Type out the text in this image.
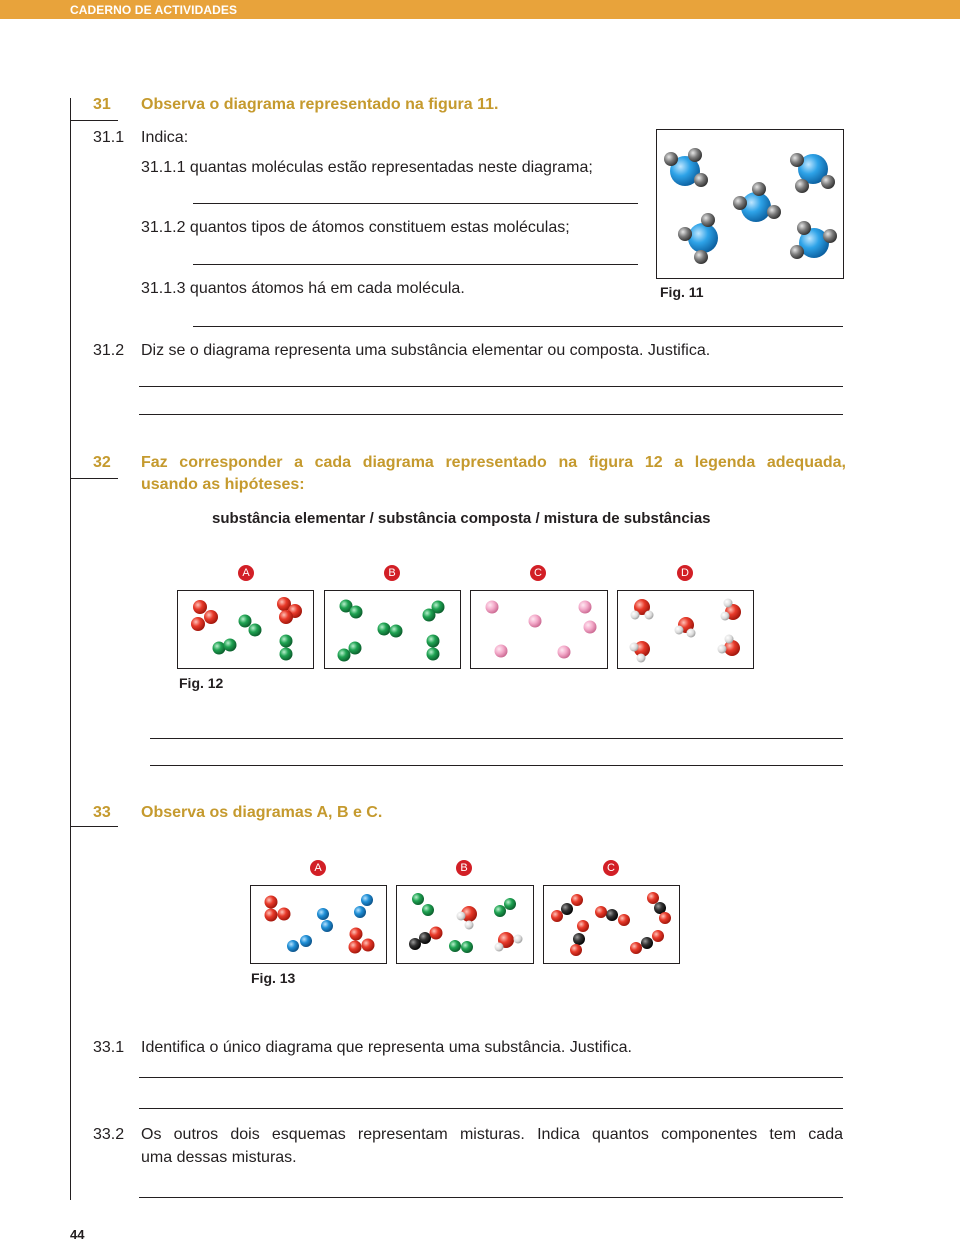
CADERNO DE ACTIVIDADES
31 Observa o diagrama representado na figura 11.
31.1 Indica:
31.1.1 quantas moléculas estão representadas neste diagrama;
31.1.2 quantos tipos de átomos constituem estas moléculas;
31.1.3 quantos átomos há em cada molécula.	Fig. 11
31.2 Diz se o diagrama representa uma substância elementar ou composta. Justifica.
32 Faz corresponder a cada diagrama representado na figura 12 a legenda adequada,
usando as hipóteses:
substância elementar / substância composta / mistura de substâncias
A	B	C	D
Fig. 12
33 Observa os diagramas A, B e C.
A	B	C
Fig. 13
33.1 Identifica o único diagrama que representa uma substância. Justifica.
33.2 Os outros dois esquemas representam misturas. Indica quantos componentes tem cada
uma dessas misturas.
44
